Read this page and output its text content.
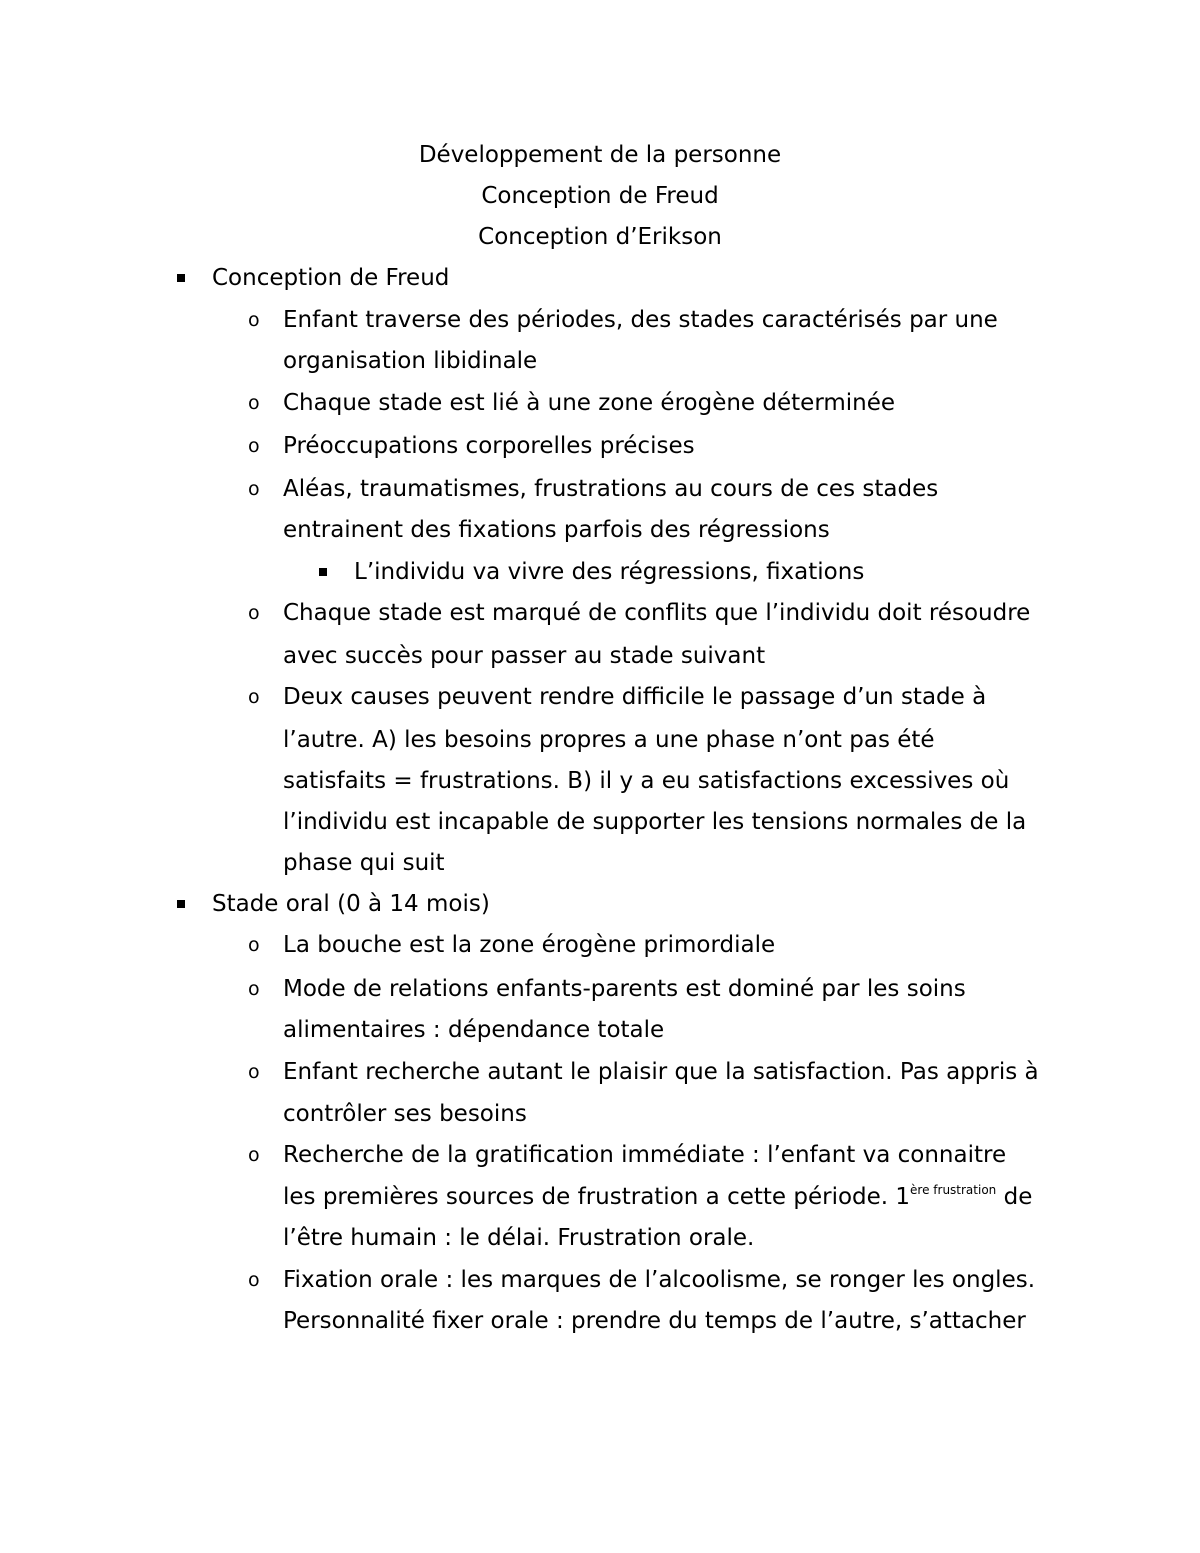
Développement de la personne
Conception de Freud
Conception d’Erikson
Conception de Freud
o Enfant traverse des périodes, des stades caractérisés par une
organisation libidinale
o Chaque stade est lié à une zone érogène déterminée
o Préoccupations corporelles précises
o Aléas, traumatismes, frustrations au cours de ces stades
entrainent des fixations parfois des régressions
L’individu va vivre des régressions, fixations
o Chaque stade est marqué de conflits que l’individu doit résoudre
avec succès pour passer au stade suivant
o Deux causes peuvent rendre difficile le passage d’un stade à
l’autre. A) les besoins propres a une phase n’ont pas été
satisfaits = frustrations. B) il y a eu satisfactions excessives où
l’individu est incapable de supporter les tensions normales de la
phase qui suit
Stade oral (0 à 14 mois)
o La bouche est la zone érogène primordiale
o Mode de relations enfants-parents est dominé par les soins
alimentaires : dépendance totale
o Enfant recherche autant le plaisir que la satisfaction. Pas appris à
contrôler ses besoins
o Recherche de la gratification immédiate : l’enfant va connaitre
les premières sources de frustration a cette période. $1^{ère frustration}$ de
l’être humain : le délai. Frustration orale.
o Fixation orale : les marques de l’alcoolisme, se ronger les ongles.
Personnalité fixer orale : prendre du temps de l’autre, s’attacher
